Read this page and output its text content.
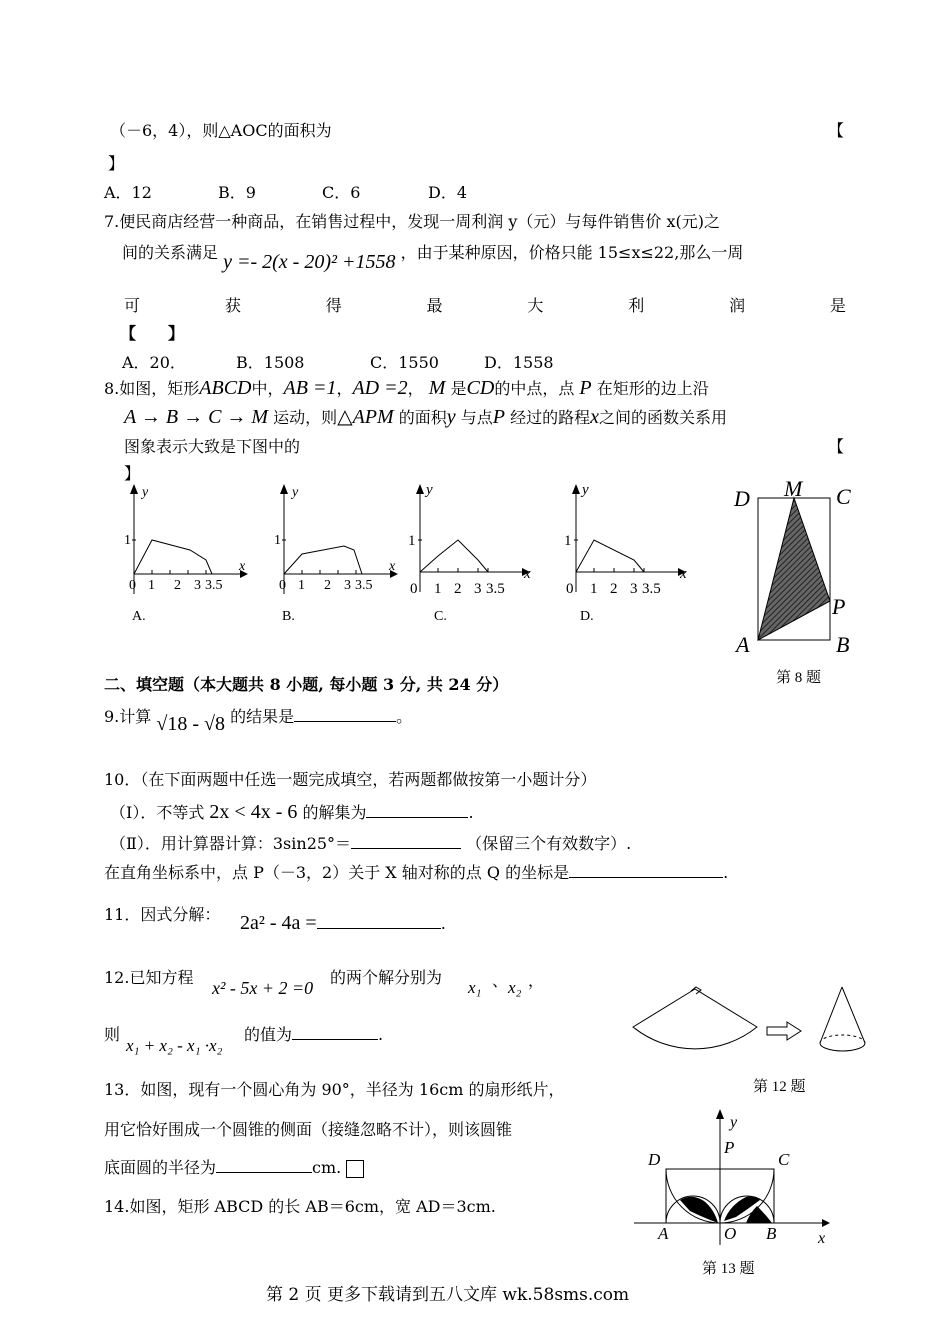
（－6，4），则△AOC的面积为	【
】
A．12	B．9	C．6	D．4
7.便民商店经营一种商品，在销售过程中，发现一周利润 y（元）与每件销售价 x(元)之
间的关系满足 y =- 2(x - 20)² +1558 ，由于某种原因，价格只能 15≤x≤22,那么一周
可	获	得	最	大	利	润	是
【　　】
A．20．	B．1508	C．1550	D．1558
8.如图，矩形ABCD中，AB =1，AD =2， M 是CD的中点，点 P 在矩形的边上沿
A → B → C → M 运动，则△APM 的面积y 与点P 经过的路程x之间的函数关系用
图象表示大致是下图中的	【
】
y
x
1
0 1 2 3 3.5
A.
y
x
1
0 1 2 3 3.5
B.
y
x
1
0 1 2 3 3.5
C.
y
x
1
0 1 2 3 3.5
D.
D M C
P
A	B
第 8 题
二、填空题（本大题共 8 小题, 每小题 3 分, 共 24 分）
9.计算 √18 - √8 的结果是	。
10．（在下面两题中任选一题完成填空，若两题都做按第一小题计分）
（Ⅰ）．不等式 2x < 4x - 6 的解集为	.
（Ⅱ）．用计算器计算：3sin25°＝	（保留三个有效数字）.
在直角坐标系中，点 P（－3，2）关于 X 轴对称的点 Q 的坐标是	.
11．因式分解： 2a² - 4a =	.
12.已知方程
x² - 5x + 2 =0
的两个解分别为
x₁ 、 x₂ ，
则
x₁ + x₂ - x₁ ·x₂
的值为	.
第 12 题
13．如图，现有一个圆心角为 90°，半径为 16cm 的扇形纸片，
用它恰好围成一个圆锥的侧面（接缝忽略不计），则该圆锥
底面圆的半径为	cm.
y
P
D	C
A	O B	x
第 13 题
14.如图，矩形 ABCD 的长 AB＝6cm，宽 AD＝3cm.
第 2 页 更多下载请到五八文库 wk.58sms.com
